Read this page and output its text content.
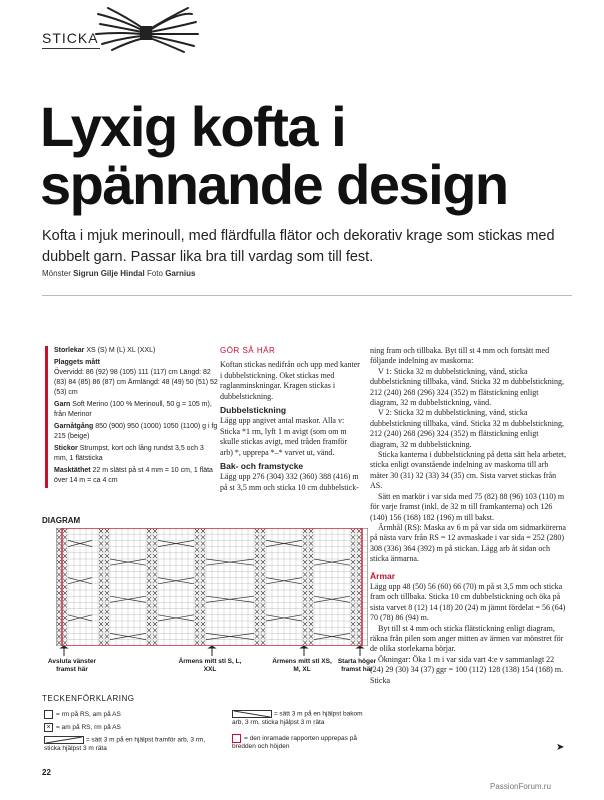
STICKA
Lyxig kofta i
spännande design
Kofta i mjuk merinoull, med flärdfulla flätor och dekorativ krage som stickas med dubbelt garn. Passar lika bra till vardag som till fest.
Mönster Sigrun Gilje Hindal Foto Garnius
Storlekar XS (S) M (L) XL (XXL)
Plaggets mått
Övervidd: 86 (92) 98 (105) 111 (117) cm Längd: 82 (83) 84 (85) 86 (87) cm Ärmlängd: 48 (49) 50 (51) 52 (53) cm
Garn Soft Merino (100 % Merinoull, 50 g = 105 m), från Merinor
Garnåtgång 850 (900) 950 (1000) 1050 (1100) g i fg 215 (beige)
Stickor Strumpst, kort och lång rundst 3,5 och 3 mm, 1 flätsticka
Masktäthet 22 m slätst på st 4 mm = 10 cm, 1 fläta över 14 m = ca 4 cm
GÖR SÅ HÄR
Koftan stickas nedifrån och upp med kanter i dubbelstickning. Oket stickas med raglanminskningar. Kragen stickas i dubbelstickning.
Dubbelstickning
Lägg upp angivet antal maskor. Alla v: Sticka *1 rm, lyft 1 m avigt (som om m skulle stickas avigt, med tråden framför arb) *, upprepa *–* varvet ut, vänd.
Bak- och framstycke
Lägg upp 276 (304) 332 (360) 388 (416) m på st 3,5 mm och sticka 10 cm dubbelstick-
ning fram och tillbaka. Byt till st 4 mm och fortsätt med följande indelning av maskorna:
V 1: Sticka 32 m dubbelstickning, vänd, sticka dubbelstickning tillbaka, vänd. Sticka 32 m dubbelstickning, 212 (240) 268 (296) 324 (352) m flätstickning enligt diagram, 32 m dubbelstickning, vänd.
V 2: Sticka 32 m dubbelstickning, vänd, sticka dubbelstickning tillbaka, vänd. Sticka 32 m dubbelstickning, 212 (240) 268 (296) 324 (352) m flätstickning enligt diagram, 32 m dubbelstickning.
Sticka kanterna i dubbelstickning på detta sätt hela arbetet, sticka enligt ovanstående indelning av maskorna till arb mäter 30 (31) 32 (33) 34 (35) cm. Sista varvet stickas från AS.
Sätt en markör i var sida med 75 (82) 88 (96) 103 (110) m för varje framst (inkl. de 32 m till framkanterna) och 126 (140) 156 (168) 182 (196) m till bakst.
Ärmhål (RS): Maska av 6 m på var sida om sidmarkörerna på nästa varv från RS = 12 avmaskade i var sida = 252 (280) 308 (336) 364 (392) m på stickan. Lägg arb åt sidan och sticka ärmarna.
Ärmar
Lägg upp 48 (50) 56 (60) 66 (70) m på st 3,5 mm och sticka fram och tillbaka. Sticka 10 cm dubbelstickning och öka på sista varvet 8 (12) 14 (18) 20 (24) m jämnt fördelat = 56 (64) 70 (78) 86 (94) m.
Byt till st 4 mm och sticka flätstickning enligt diagram, räkna från pilen som anger mitten av ärmen var mönstret för de olika storlekarna börjar.
Ökningar: Öka 1 m i var sida vart 4:e v sammanlagt 22 (24) 29 (30) 34 (37) ggr = 100 (112) 128 (138) 154 (168) m. Sticka
➤
DIAGRAM
Avsluta vänster framst här
Ärmens mitt stl S, L, XXL
Ärmens mitt stl XS, M, XL
Starta höger framst här
TECKENFÖRKLARING
= rm på RS, am på AS
× = am på RS, rm på AS
= sätt 3 m på en hjälpst framför arb, 3 rm, sticka hjälpst 3 m räta
= sätt 3 m på en hjälpst bakom arb, 3 rm, sticka hjälpst 3 m räta
= den inramade rapporten upprepas på bredden och höjden
22
PassionForum.ru
